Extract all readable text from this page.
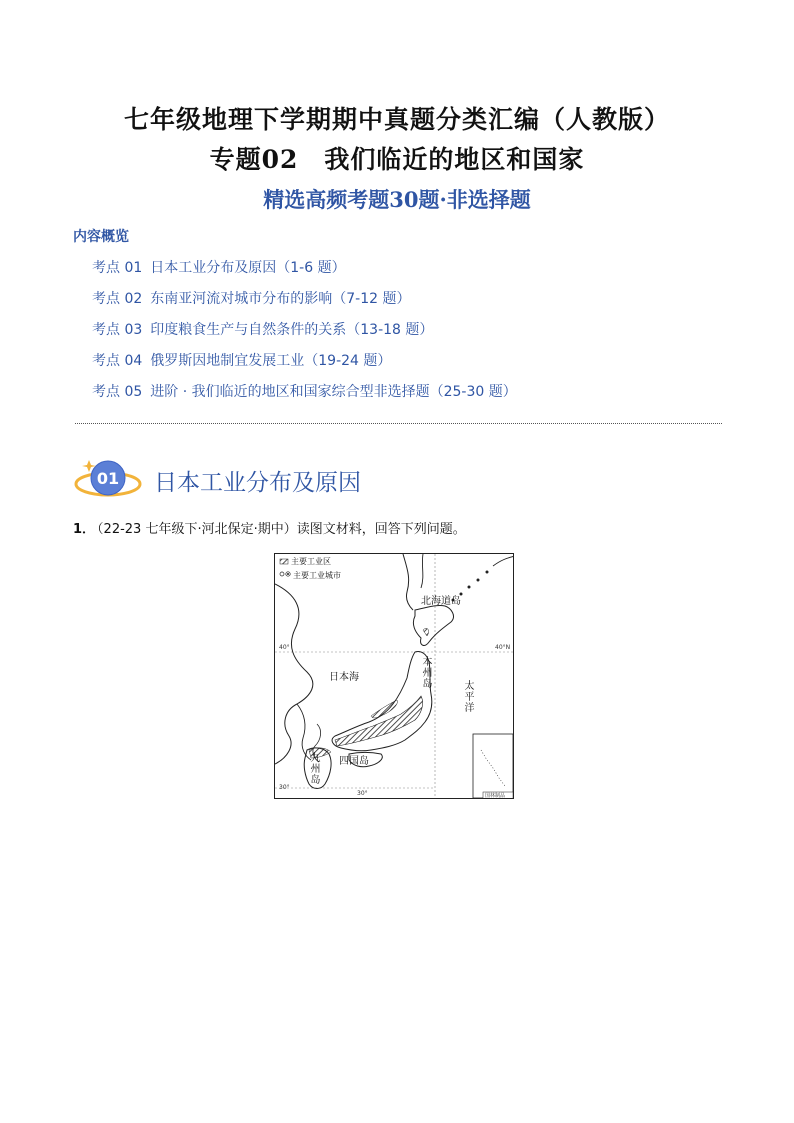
七年级地理下学期期中真题分类汇编（人教版）
专题02　我们临近的地区和国家
精选高频考题30题·非选择题
内容概览
考点 01 日本工业分布及原因（1-6 题）
考点 02 东南亚河流对城市分布的影响（7-12 题）
考点 03 印度粮食生产与自然条件的关系（13-18 题）
考点 04 俄罗斯因地制宜发展工业（19-24 题）
考点 05 进阶 · 我们临近的地区和国家综合型非选择题（25-30 题）
01 日本工业分布及原因
1． （22-23 七年级下·河北保定·期中）读图文材料，回答下列问题。
主要工业区
主要工业城市
北海道岛
日本海	本州岛
太平洋
四国岛
九州岛
40°	40°N
30°
30°	国林制品
